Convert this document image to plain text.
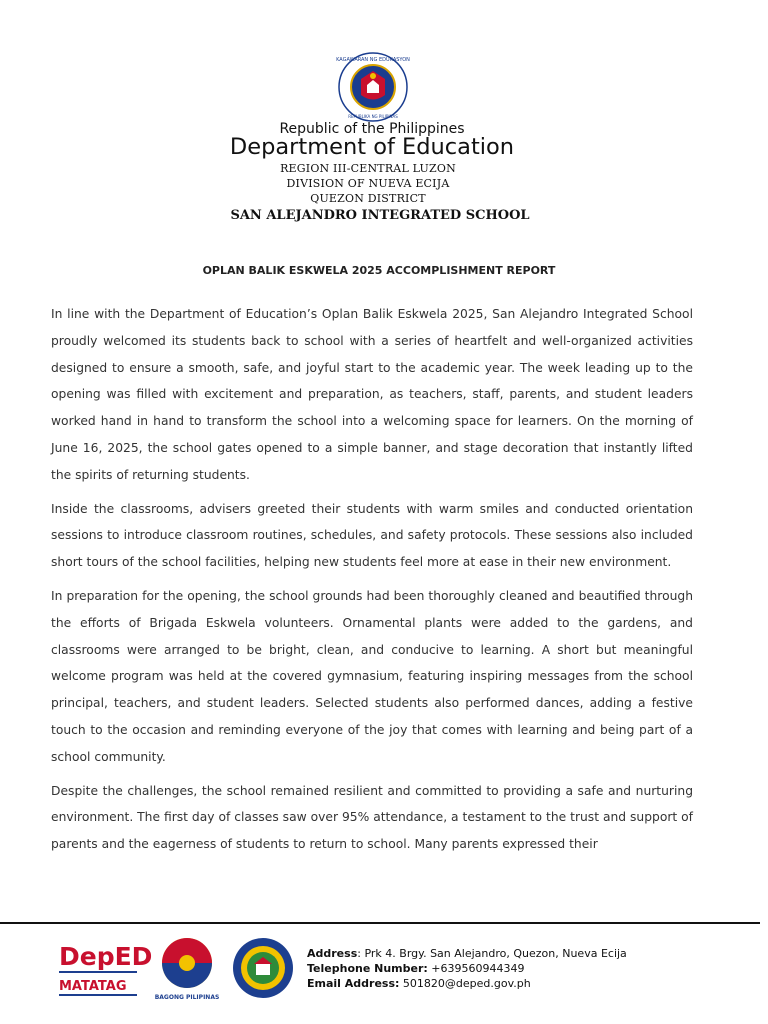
KAGAWARAN NG EDUKASYON
REPUBLIKA NG PILIPINAS
Republic of the Philippines
Department of Education
REGION III-CENTRAL LUZON
DIVISION OF NUEVA ECIJA
QUEZON DISTRICT
SAN ALEJANDRO INTEGRATED SCHOOL
OPLAN BALIK ESKWELA 2025 ACCOMPLISHMENT REPORT

In line with the Department of Education’s Oplan Balik Eskwela 2025, San Alejandro Integrated School proudly welcomed its students back to school with a series of heartfelt and well-organized activities designed to ensure a smooth, safe, and joyful start to the academic year. The week leading up to the opening was filled with excitement and preparation, as teachers, staff, parents, and student leaders worked hand in hand to transform the school into a welcoming space for learners. On the morning of June 16, 2025, the school gates opened to a simple banner, and stage decoration that instantly lifted the spirits of returning students.

Inside the classrooms, advisers greeted their students with warm smiles and conducted orientation sessions to introduce classroom routines, schedules, and safety protocols. These sessions also included short tours of the school facilities, helping new students feel more at ease in their new environment.

In preparation for the opening, the school grounds had been thoroughly cleaned and beautified through the efforts of Brigada Eskwela volunteers. Ornamental plants were added to the gardens, and classrooms were arranged to be bright, clean, and conducive to learning. A short but meaningful welcome program was held at the covered gymnasium, featuring inspiring messages from the school principal, teachers, and student leaders. Selected students also performed dances, adding a festive touch to the occasion and reminding everyone of the joy that comes with learning and being part of a school community.

Despite the challenges, the school remained resilient and committed to providing a safe and nurturing environment. The first day of classes saw over 95% attendance, a testament to the trust and support of parents and the eagerness of students to return to school. Many parents expressed their

DepED
MATATAG
BAGONG PILIPINAS
Address: Prk 4. Brgy. San Alejandro, Quezon, Nueva Ecija
Telephone Number: +639560944349
Email Address: 501820@deped.gov.ph
